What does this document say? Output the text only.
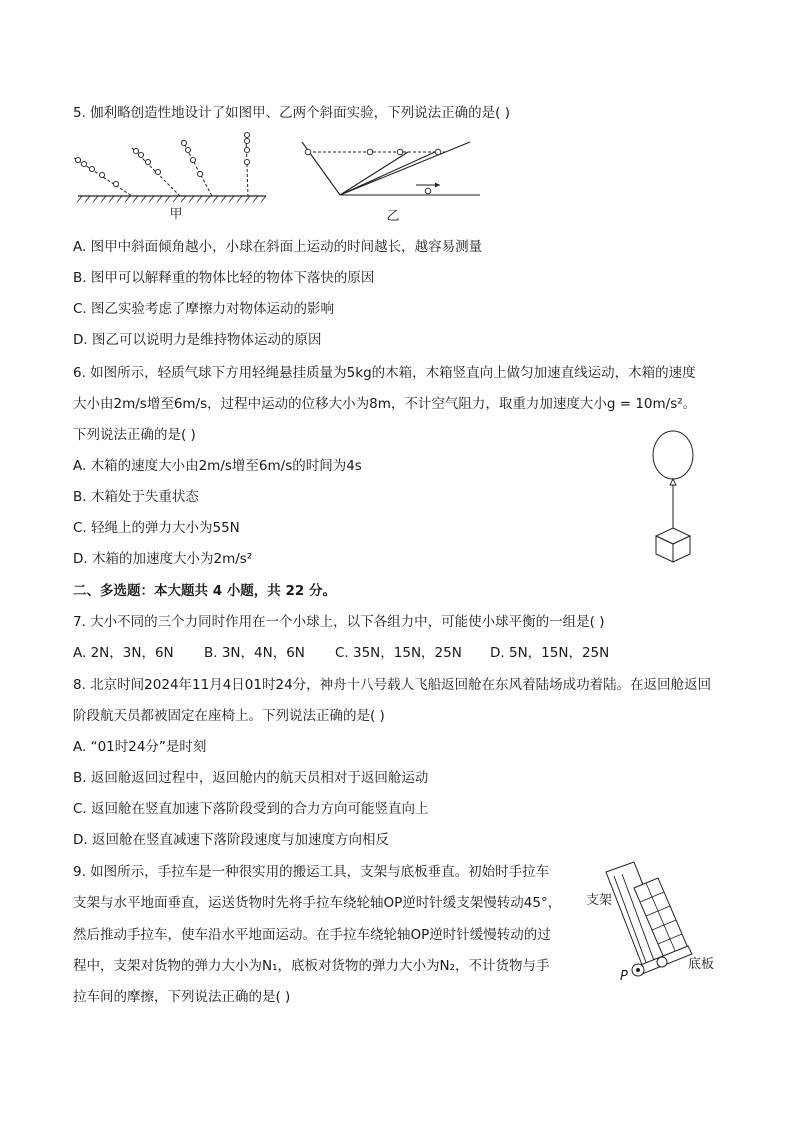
5. 伽利略创造性地设计了如图甲、乙两个斜面实验，下列说法正确的是( )
甲	乙
A. 图甲中斜面倾角越小，小球在斜面上运动的时间越长，越容易测量
B. 图甲可以解释重的物体比轻的物体下落快的原因
C. 图乙实验考虑了摩擦力对物体运动的影响
D. 图乙可以说明力是维持物体运动的原因
6. 如图所示，轻质气球下方用轻绳悬挂质量为5kg的木箱，木箱竖直向上做匀加速直线运动，木箱的速度
大小由2m/s增至6m/s，过程中运动的位移大小为8m，不计空气阻力，取重力加速度大小g = 10m/s²。
下列说法正确的是( )
A. 木箱的速度大小由2m/s增至6m/s的时间为4s
B. 木箱处于失重状态
C. 轻绳上的弹力大小为55N
D. 木箱的加速度大小为2m/s²
二、多选题：本大题共 4 小题，共 22 分。
7. 大小不同的三个力同时作用在一个小球上，以下各组力中，可能使小球平衡的一组是( )
A. 2N，3N，6N B. 3N，4N，6N C. 35N，15N，25N D. 5N，15N，25N
8. 北京时间2024年11月4日01时24分，神舟十八号载人飞船返回舱在东风着陆场成功着陆。在返回舱返回
阶段航天员都被固定在座椅上。下列说法正确的是( )
A. “01时24分”是时刻
B. 返回舱返回过程中，返回舱内的航天员相对于返回舱运动
C. 返回舱在竖直加速下落阶段受到的合力方向可能竖直向上
D. 返回舱在竖直减速下落阶段速度与加速度方向相反
9. 如图所示，手拉车是一种很实用的搬运工具，支架与底板垂直。初始时手拉车
支架与水平地面垂直，运送货物时先将手拉车绕轮轴OP逆时针缓支架慢转动45°，
然后推动手拉车，使车沿水平地面运动。在手拉车绕轮轴OP逆时针缓慢转动的过
程中，支架对货物的弹力大小为N₁，底板对货物的弹力大小为N₂，不计货物与手
拉车间的摩擦，下列说法正确的是( )
支架
底板
P
